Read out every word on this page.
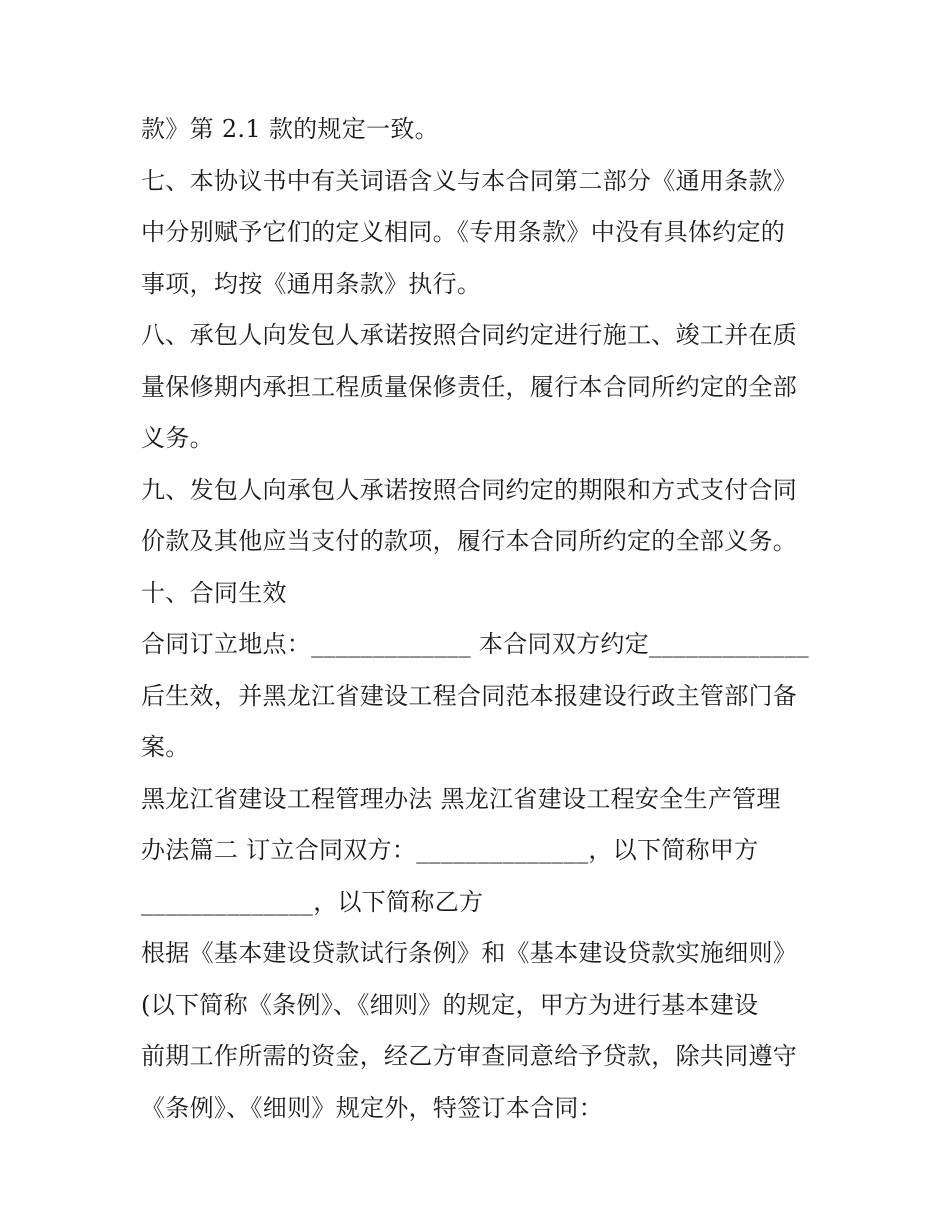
款》第 2.1 款的规定一致。
七、本协议书中有关词语含义与本合同第二部分《通用条款》
中分别赋予它们的定义相同。《专用条款》中没有具体约定的
事项，均按《通用条款》执行。
八、承包人向发包人承诺按照合同约定进行施工、竣工并在质
量保修期内承担工程质量保修责任，履行本合同所约定的全部
义务。
九、发包人向承包人承诺按照合同约定的期限和方式支付合同
价款及其他应当支付的款项，履行本合同所约定的全部义务。
十、合同生效
合同订立地点：_____________ 本合同双方约定_____________
后生效，并黑龙江省建设工程合同范本报建设行政主管部门备
案。
黑龙江省建设工程管理办法 黑龙江省建设工程安全生产管理
办法篇二 订立合同双方：______________，以下简称甲方
______________，以下简称乙方
根据《基本建设贷款试行条例》和《基本建设贷款实施细则》
(以下简称《条例》、《细则》的规定，甲方为进行基本建设
前期工作所需的资金，经乙方审查同意给予贷款，除共同遵守
《条例》、《细则》规定外，特签订本合同：
